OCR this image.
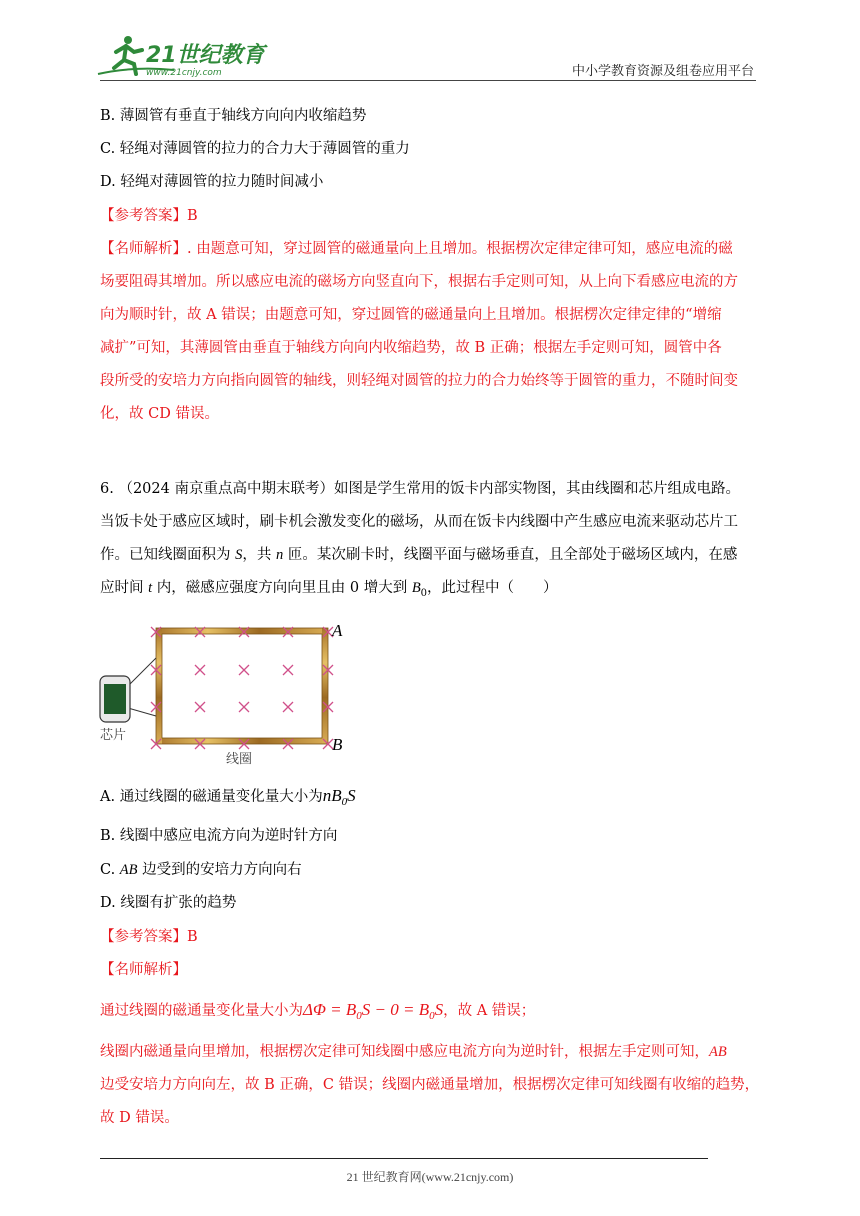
21世纪教育
www.21cnjy.com	中小学教育资源及组卷应用平台
B. 薄圆管有垂直于轴线方向向内收缩趋势
C. 轻绳对薄圆管的拉力的合力大于薄圆管的重力
D. 轻绳对薄圆管的拉力随时间减小
【参考答案】B
【名师解析】. 由题意可知，穿过圆管的磁通量向上且增加。根据楞次定律定律可知，感应电流的磁
场要阻碍其增加。所以感应电流的磁场方向竖直向下，根据右手定则可知，从上向下看感应电流的方
向为顺时针，故 A 错误；由题意可知，穿过圆管的磁通量向上且增加。根据楞次定律定律的“增缩
减扩”可知，其薄圆管由垂直于轴线方向向内收缩趋势，故 B 正确；根据左手定则可知，圆管中各
段所受的安培力方向指向圆管的轴线，则轻绳对圆管的拉力的合力始终等于圆管的重力，不随时间变
化，故 CD 错误。
6. （2024 南京重点高中期末联考）如图是学生常用的饭卡内部实物图，其由线圈和芯片组成电路。
当饭卡处于感应区域时，刷卡机会激发变化的磁场，从而在饭卡内线圈中产生感应电流来驱动芯片工
作。已知线圈面积为 S，共 n 匝。某次刷卡时，线圈平面与磁场垂直，且全部处于磁场区域内，在感
应时间 t 内，磁感应强度方向向里且由 0 增大到 $B_0$，此过程中（　　）
A
B
芯片
线圈
A. 通过线圈的磁通量变化量大小为$nB_0S$
B. 线圈中感应电流方向为逆时针方向
C. AB 边受到的安培力方向向右
D. 线圈有扩张的趋势
【参考答案】B
【名师解析】
通过线圈的磁通量变化量大小为$\Delta\Phi = B_0S - 0 = B_0S$，故 A 错误；
线圈内磁通量向里增加，根据楞次定律可知线圈中感应电流方向为逆时针，根据左手定则可知，AB
边受安培力方向向左，故 B 正确，C 错误；线圈内磁通量增加，根据楞次定律可知线圈有收缩的趋势，
故 D 错误。
21 世纪教育网(www.21cnjy.com)
